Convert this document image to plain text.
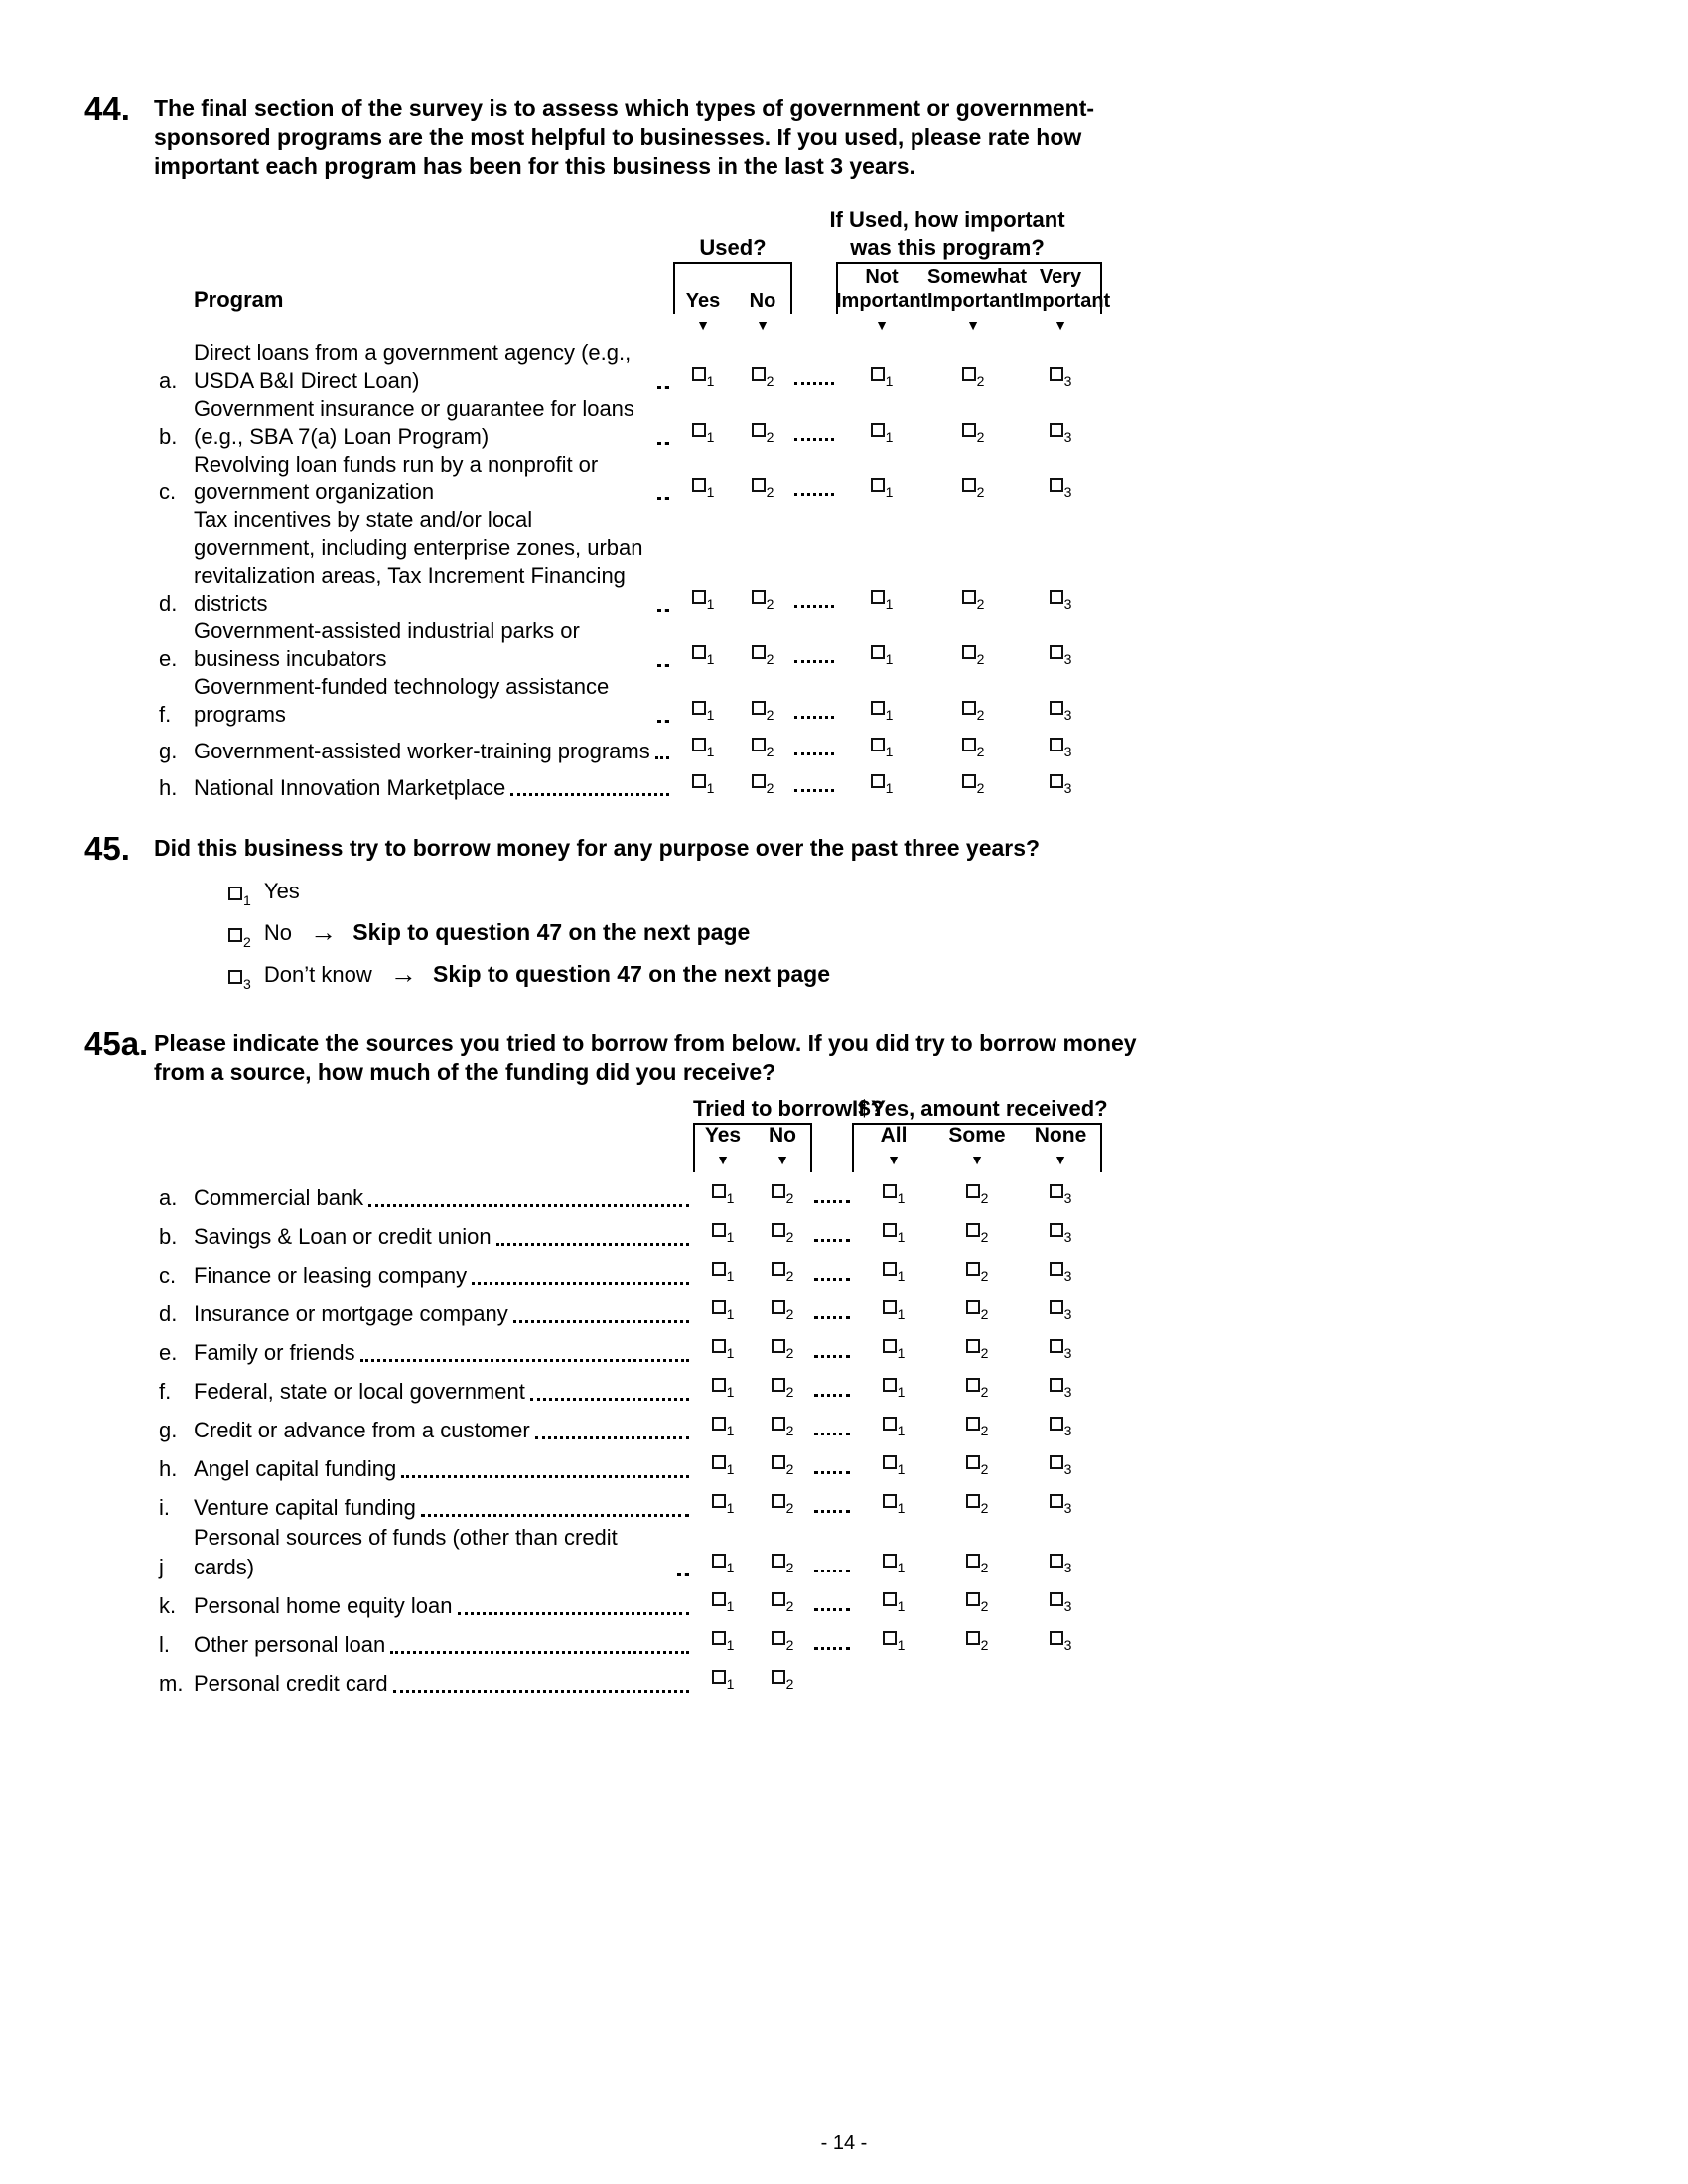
44.	The final section of the survey is to assess which types of government or government-sponsored programs are the most helpful to businesses. If you used, please rate how important each program has been for this business in the last 3 years.
If Used, how important
Used?	was this program?
Program	Yes	No
Not Important
Somewhat Important
Very Important
▼	▼	▼	▼	▼
a.
Direct loans from a government agency (e.g., USDA B&I Direct Loan)	$_1$	$_2$	$_1$	$_2$	$_3$
b.
Government insurance or guarantee for loans (e.g., SBA 7(a) Loan Program)	$_1$	$_2$	$_1$	$_2$	$_3$
c.
Revolving loan funds run by a nonprofit or government organization	$_1$	$_2$	$_1$	$_2$	$_3$
d.
Tax incentives by state and/or local government, including enterprise zones, urban revitalization areas, Tax Increment Financing districts	$_1$	$_2$	$_1$	$_2$	$_3$
e.
Government-assisted industrial parks or business incubators	$_1$	$_2$	$_1$	$_2$	$_3$
f.
Government-funded technology assistance programs	$_1$	$_2$	$_1$	$_2$	$_3$
g. Government-assisted worker-training programs	$_1$	$_2$	$_1$	$_2$	$_3$
h. National Innovation Marketplace	$_1$	$_2$	$_1$	$_2$	$_3$
45.	Did this business try to borrow money for any purpose over the past three years?
$_1$ Yes
$_2$ No → Skip to question 47 on the next page
$_3$ Don’t know → Skip to question 47 on the next page
45a. Please indicate the sources you tried to borrow from below. If you did try to borrow money from a source, how much of the funding did you receive?
Tried to borrow $?
If Yes, amount received?
Yes	No	All	Some	None
▼	▼	▼	▼	▼
a. Commercial bank	$_1$	$_2$	$_1$	$_2$	$_3$
b. Savings & Loan or credit union	$_1$	$_2$	$_1$	$_2$	$_3$
c. Finance or leasing company	$_1$	$_2$	$_1$	$_2$	$_3$
d. Insurance or mortgage company	$_1$	$_2$	$_1$	$_2$	$_3$
e. Family or friends	$_1$	$_2$	$_1$	$_2$	$_3$
f.	Federal, state or local government	$_1$	$_2$	$_1$	$_2$	$_3$
g. Credit or advance from a customer	$_1$	$_2$	$_1$	$_2$	$_3$
h. Angel capital funding	$_1$	$_2$	$_1$	$_2$	$_3$
i.	Venture capital funding	$_1$	$_2$	$_1$	$_2$	$_3$
j
Personal sources of funds (other than credit cards)	$_1$	$_2$	$_1$	$_2$	$_3$
k. Personal home equity loan	$_1$	$_2$	$_1$	$_2$	$_3$
l.	Other personal loan	$_1$	$_2$	$_1$	$_2$	$_3$
m. Personal credit card	$_1$	$_2$
- 14 -
